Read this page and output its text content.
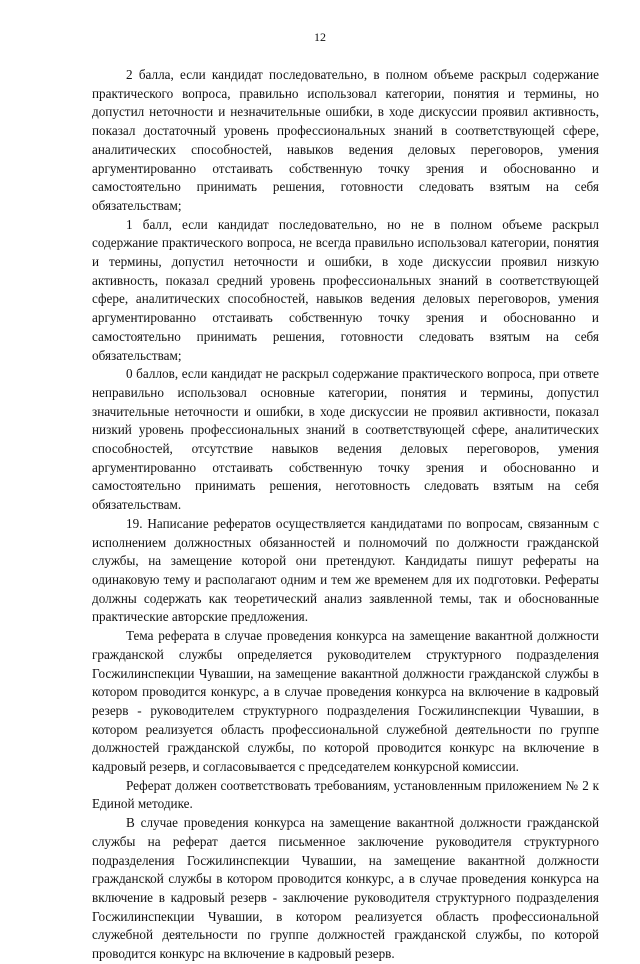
12

2 балла, если кандидат последовательно, в полном объеме раскрыл содержание практического вопроса, правильно использовал категории, понятия и термины, но допустил неточности и незначительные ошибки, в ходе дискуссии проявил активность, показал достаточный уровень профессиональных знаний в соответствующей сфере, аналитических способностей, навыков ведения деловых переговоров, умения аргументированно отстаивать собственную точку зрения и обоснованно и самостоятельно принимать решения, готовности следовать взятым на себя обязательствам;

1 балл, если кандидат последовательно, но не в полном объеме раскрыл содержание практического вопроса, не всегда правильно использовал категории, понятия и термины, допустил неточности и ошибки, в ходе дискуссии проявил низкую активность, показал средний уровень профессиональных знаний в соответствующей сфере, аналитических способностей, навыков ведения деловых переговоров, умения аргументированно отстаивать собственную точку зрения и обоснованно и самостоятельно принимать решения, готовности следовать взятым на себя обязательствам;

0 баллов, если кандидат не раскрыл содержание практического вопроса, при ответе неправильно использовал основные категории, понятия и термины, допустил значительные неточности и ошибки, в ходе дискуссии не проявил активности, показал низкий уровень профессиональных знаний в соответствующей сфере, аналитических способностей, отсутствие навыков ведения деловых переговоров, умения аргументированно отстаивать собственную точку зрения и обоснованно и самостоятельно принимать решения, неготовность следовать взятым на себя обязательствам.

19. Написание рефератов осуществляется кандидатами по вопросам, связанным с исполнением должностных обязанностей и полномочий по должности гражданской службы, на замещение которой они претендуют. Кандидаты пишут рефераты на одинаковую тему и располагают одним и тем же временем для их подготовки. Рефераты должны содержать как теоретический анализ заявленной темы, так и обоснованные практические авторские предложения.

Тема реферата в случае проведения конкурса на замещение вакантной должности гражданской службы определяется руководителем структурного подразделения Госжилинспекции Чувашии, на замещение вакантной должности гражданской службы в котором проводится конкурс, а в случае проведения конкурса на включение в кадровый резерв - руководителем структурного подразделения Госжилинспекции Чувашии, в котором реализуется область профессиональной служебной деятельности по группе должностей гражданской службы, по которой проводится конкурс на включение в кадровый резерв, и согласовывается с председателем конкурсной комиссии.

Реферат должен соответствовать требованиям, установленным приложением № 2 к Единой методике.

В случае проведения конкурса на замещение вакантной должности гражданской службы на реферат дается письменное заключение руководителя структурного подразделения Госжилинспекции Чувашии, на замещение вакантной должности гражданской службы в котором проводится конкурс, а в случае проведения конкурса на включение в кадровый резерв - заключение руководителя структурного подразделения Госжилинспекции Чувашии, в котором реализуется область профессиональной служебной деятельности по группе должностей гражданской службы, по которой проводится конкурс на включение в кадровый резерв.
